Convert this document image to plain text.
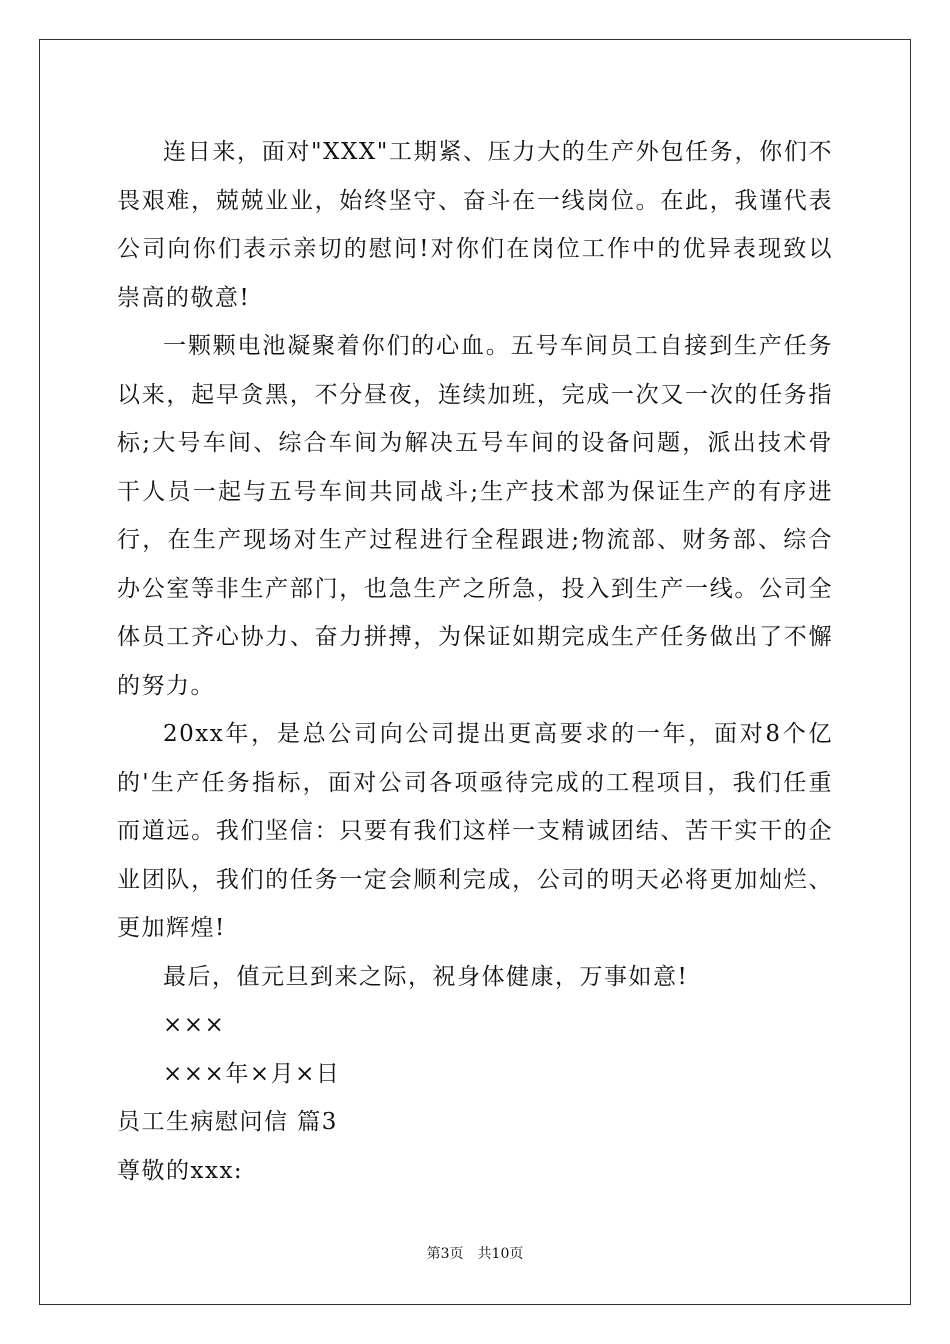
连日来，面对"XXX"工期紧、压力大的生产外包任务，你们不畏艰难，兢兢业业，始终坚守、奋斗在一线岗位。在此，我谨代表公司向你们表示亲切的慰问!对你们在岗位工作中的优异表现致以崇高的敬意!

一颗颗电池凝聚着你们的心血。五号车间员工自接到生产任务以来，起早贪黑，不分昼夜，连续加班，完成一次又一次的任务指标;大号车间、综合车间为解决五号车间的设备问题，派出技术骨干人员一起与五号车间共同战斗;生产技术部为保证生产的有序进行，在生产现场对生产过程进行全程跟进;物流部、财务部、综合办公室等非生产部门，也急生产之所急，投入到生产一线。公司全体员工齐心协力、奋力拼搏，为保证如期完成生产任务做出了不懈的努力。

20xx年，是总公司向公司提出更高要求的一年，面对8个亿的'生产任务指标，面对公司各项亟待完成的工程项目，我们任重而道远。我们坚信：只要有我们这样一支精诚团结、苦干实干的企业团队，我们的任务一定会顺利完成，公司的明天必将更加灿烂、更加辉煌!

最后，值元旦到来之际，祝身体健康，万事如意!

×××

×××年×月×日

员工生病慰问信 篇3

尊敬的xxx:

第3页 共10页
